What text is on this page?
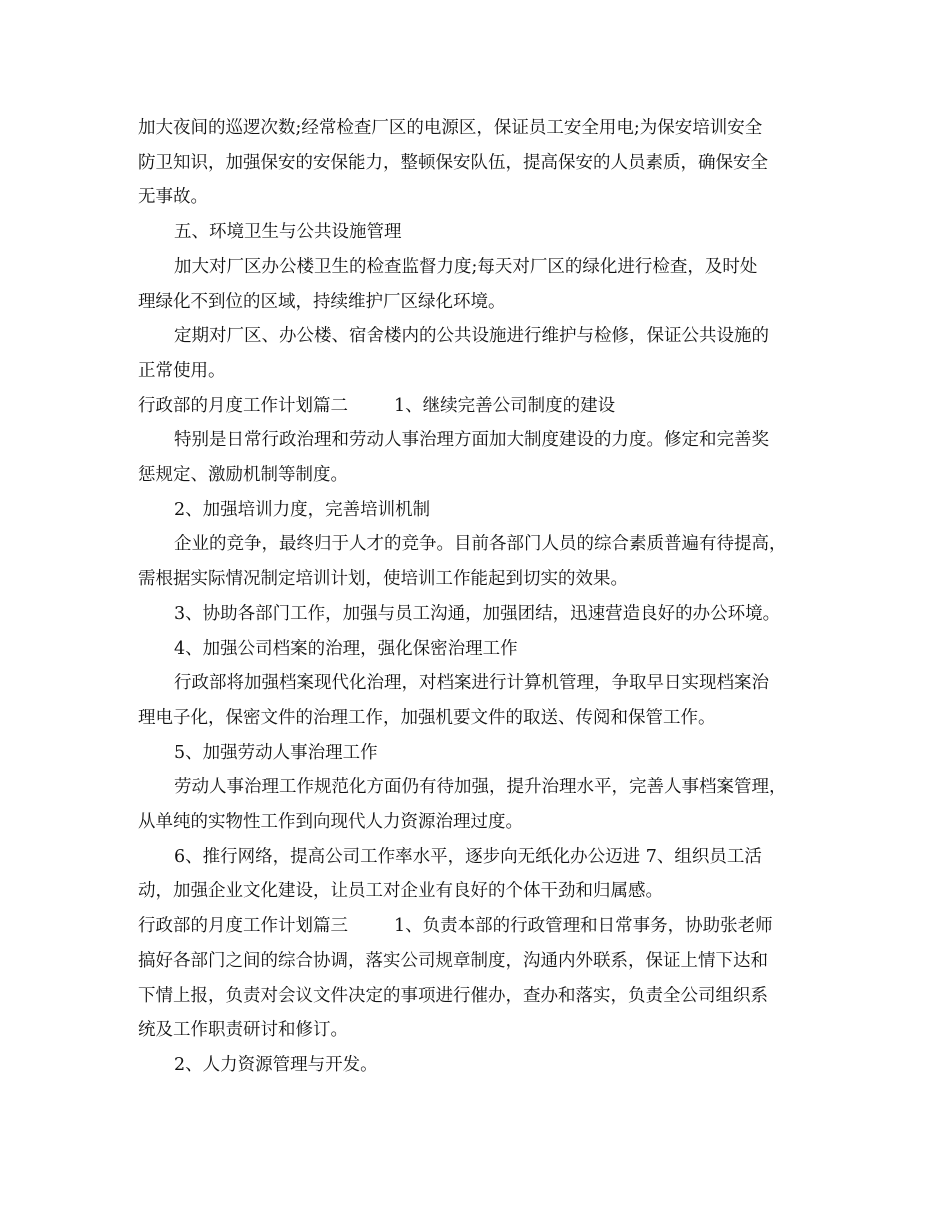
加大夜间的巡逻次数;经常检查厂区的电源区，保证员工安全用电;为保安培训安全

防卫知识，加强保安的安保能力，整顿保安队伍，提高保安的人员素质，确保安全

无事故。

五、环境卫生与公共设施管理

加大对厂区办公楼卫生的检查监督力度;每天对厂区的绿化进行检查，及时处

理绿化不到位的区域，持续维护厂区绿化环境。

定期对厂区、办公楼、宿舍楼内的公共设施进行维护与检修，保证公共设施的

正常使用。

行政部的月度工作计划篇二	1、继续完善公司制度的建设

特别是日常行政治理和劳动人事治理方面加大制度建设的力度。修定和完善奖

惩规定、激励机制等制度。

2、加强培训力度，完善培训机制

企业的竞争，最终归于人才的竞争。目前各部门人员的综合素质普遍有待提高，

需根据实际情况制定培训计划，使培训工作能起到切实的效果。

3、协助各部门工作，加强与员工沟通，加强团结，迅速营造良好的办公环境。

4、加强公司档案的治理，强化保密治理工作

行政部将加强档案现代化治理，对档案进行计算机管理，争取早日实现档案治

理电子化，保密文件的治理工作，加强机要文件的取送、传阅和保管工作。

5、加强劳动人事治理工作

劳动人事治理工作规范化方面仍有待加强，提升治理水平，完善人事档案管理，

从单纯的实物性工作到向现代人力资源治理过度。

6、推行网络，提高公司工作率水平，逐步向无纸化办公迈进 7、组织员工活

动，加强企业文化建设，让员工对企业有良好的个体干劲和归属感。

行政部的月度工作计划篇三	1、负责本部的行政管理和日常事务，协助张老师

搞好各部门之间的综合协调，落实公司规章制度，沟通内外联系，保证上情下达和

下情上报，负责对会议文件决定的事项进行催办，查办和落实，负责全公司组织系

统及工作职责研讨和修订。

2、人力资源管理与开发。
